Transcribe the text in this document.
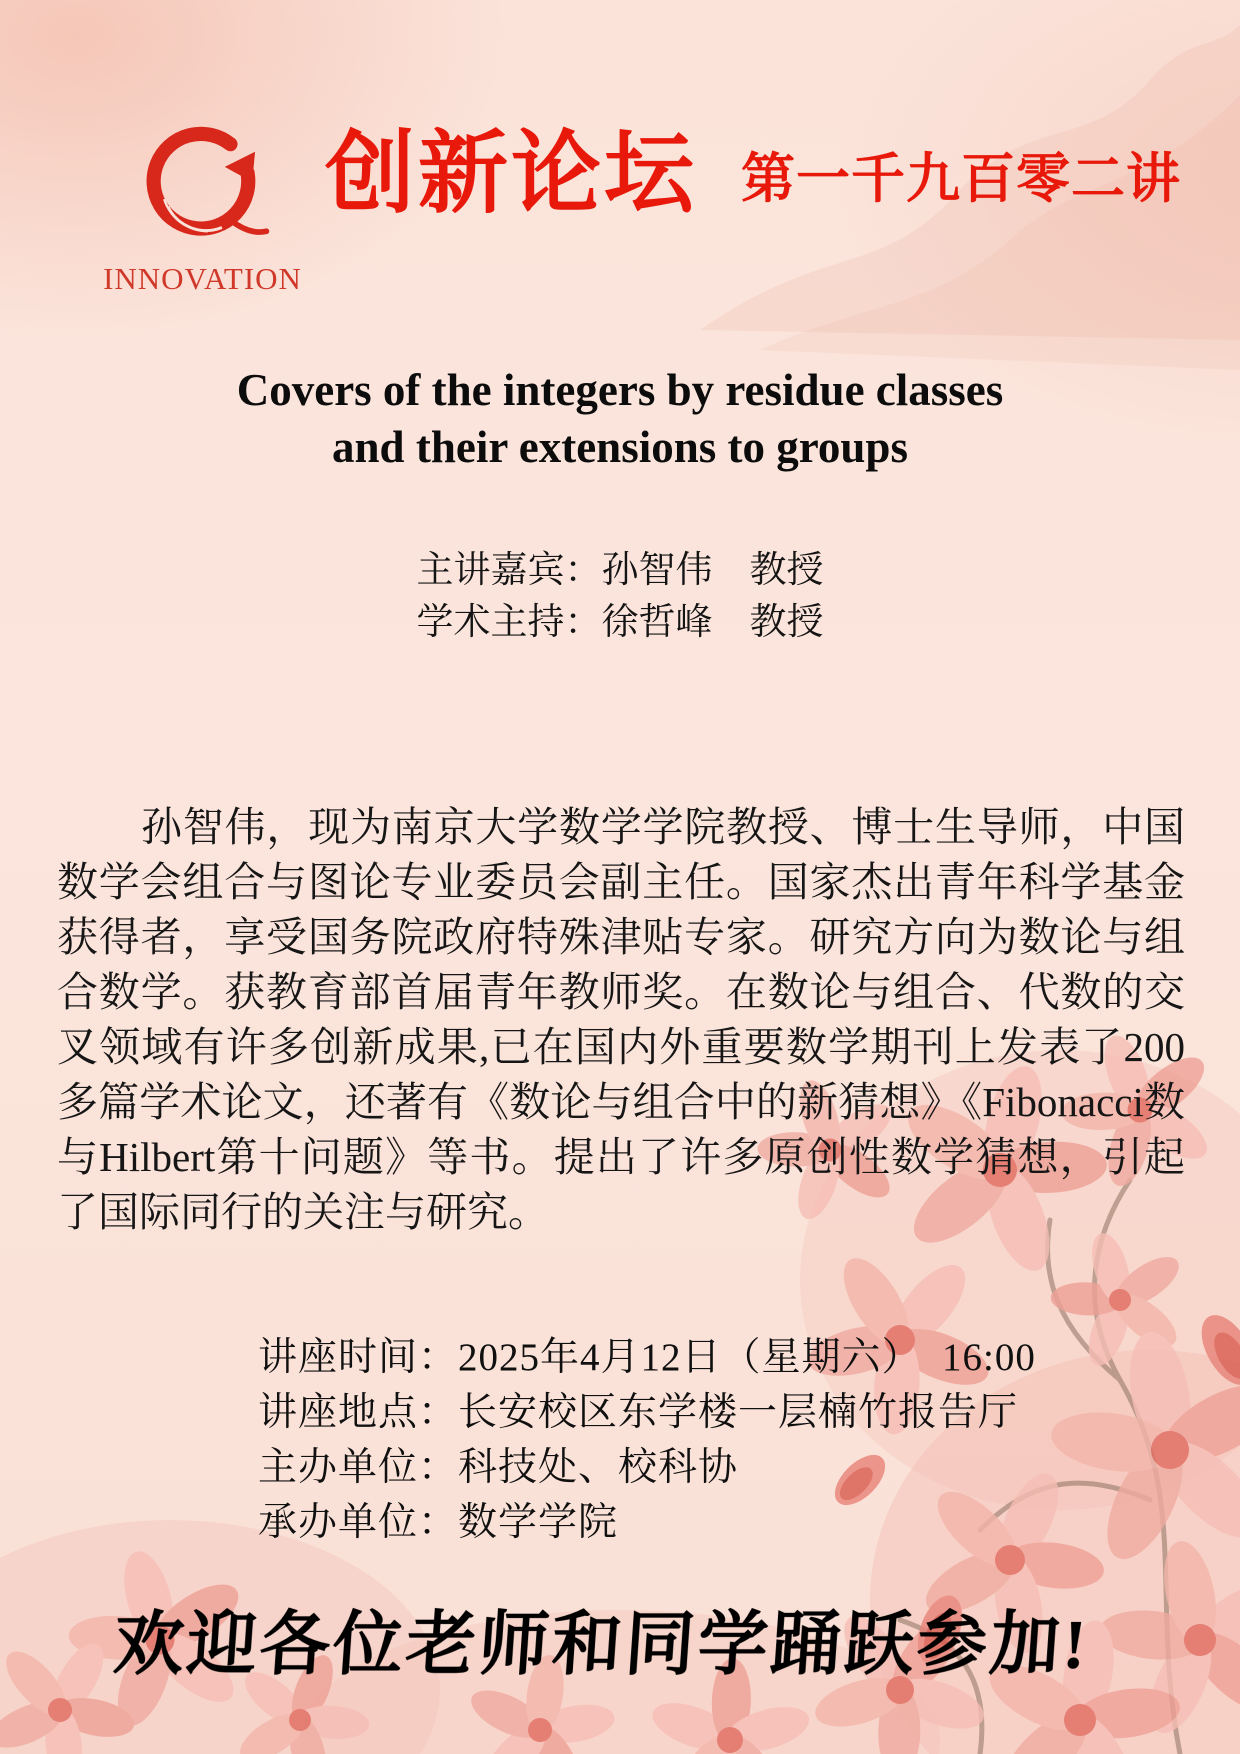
INNOVATION
创新论坛 第一千九百零二讲
Covers of the integers by residue classes
and their extensions to groups
主讲嘉宾：孙智伟　教授
学术主持：徐哲峰　教授

孙智伟，现为南京大学数学学院教授、博士生导师，中国数学会组合与图论专业委员会副主任。国家杰出青年科学基金获得者，享受国务院政府特殊津贴专家。研究方向为数论与组合数学。获教育部首届青年教师奖。在数论与组合、代数的交叉领域有许多创新成果,已在国内外重要数学期刊上发表了200多篇学术论文，还著有《数论与组合中的新猜想》《Fibonacci数与Hilbert第十问题》等书。提出了许多原创性数学猜想，引起了国际同行的关注与研究。

讲座时间：2025年4月12日（星期六）　16:00
讲座地点：长安校区东学楼一层楠竹报告厅
主办单位：科技处、校科协
承办单位：数学学院
欢迎各位老师和同学踊跃参加!
